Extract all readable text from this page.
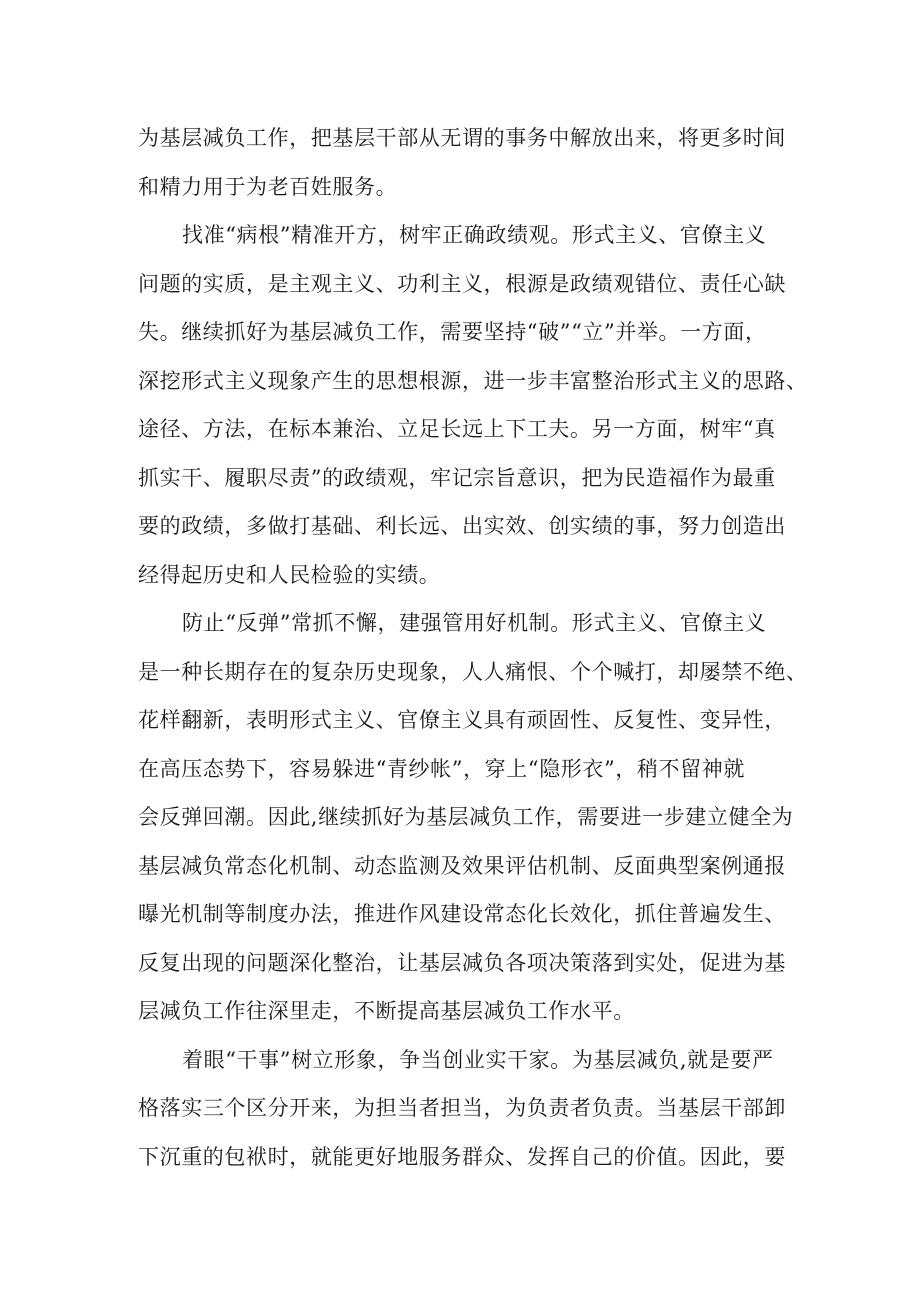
为基层减负工作，把基层干部从无谓的事务中解放出来，将更多时间
和精力用于为老百姓服务。
找准“病根”精准开方，树牢正确政绩观。形式主义、官僚主义
问题的实质，是主观主义、功利主义，根源是政绩观错位、责任心缺
失。继续抓好为基层减负工作，需要坚持“破”“立”并举。一方面，
深挖形式主义现象产生的思想根源，进一步丰富整治形式主义的思路、
途径、方法，在标本兼治、立足长远上下工夫。另一方面，树牢“真
抓实干、履职尽责”的政绩观，牢记宗旨意识，把为民造福作为最重
要的政绩，多做打基础、利长远、出实效、创实绩的事，努力创造出
经得起历史和人民检验的实绩。
防止“反弹”常抓不懈，建强管用好机制。形式主义、官僚主义
是一种长期存在的复杂历史现象，人人痛恨、个个喊打，却屡禁不绝、
花样翻新，表明形式主义、官僚主义具有顽固性、反复性、变异性，
在高压态势下，容易躲进“青纱帐”，穿上“隐形衣”，稍不留神就
会反弹回潮。因此,继续抓好为基层减负工作，需要进一步建立健全为
基层减负常态化机制、动态监测及效果评估机制、反面典型案例通报
曝光机制等制度办法，推进作风建设常态化长效化，抓住普遍发生、
反复出现的问题深化整治，让基层减负各项决策落到实处，促进为基
层减负工作往深里走，不断提高基层减负工作水平。
着眼“干事”树立形象，争当创业实干家。为基层减负,就是要严
格落实三个区分开来，为担当者担当，为负责者负责。当基层干部卸
下沉重的包袱时，就能更好地服务群众、发挥自己的价值。因此，要
